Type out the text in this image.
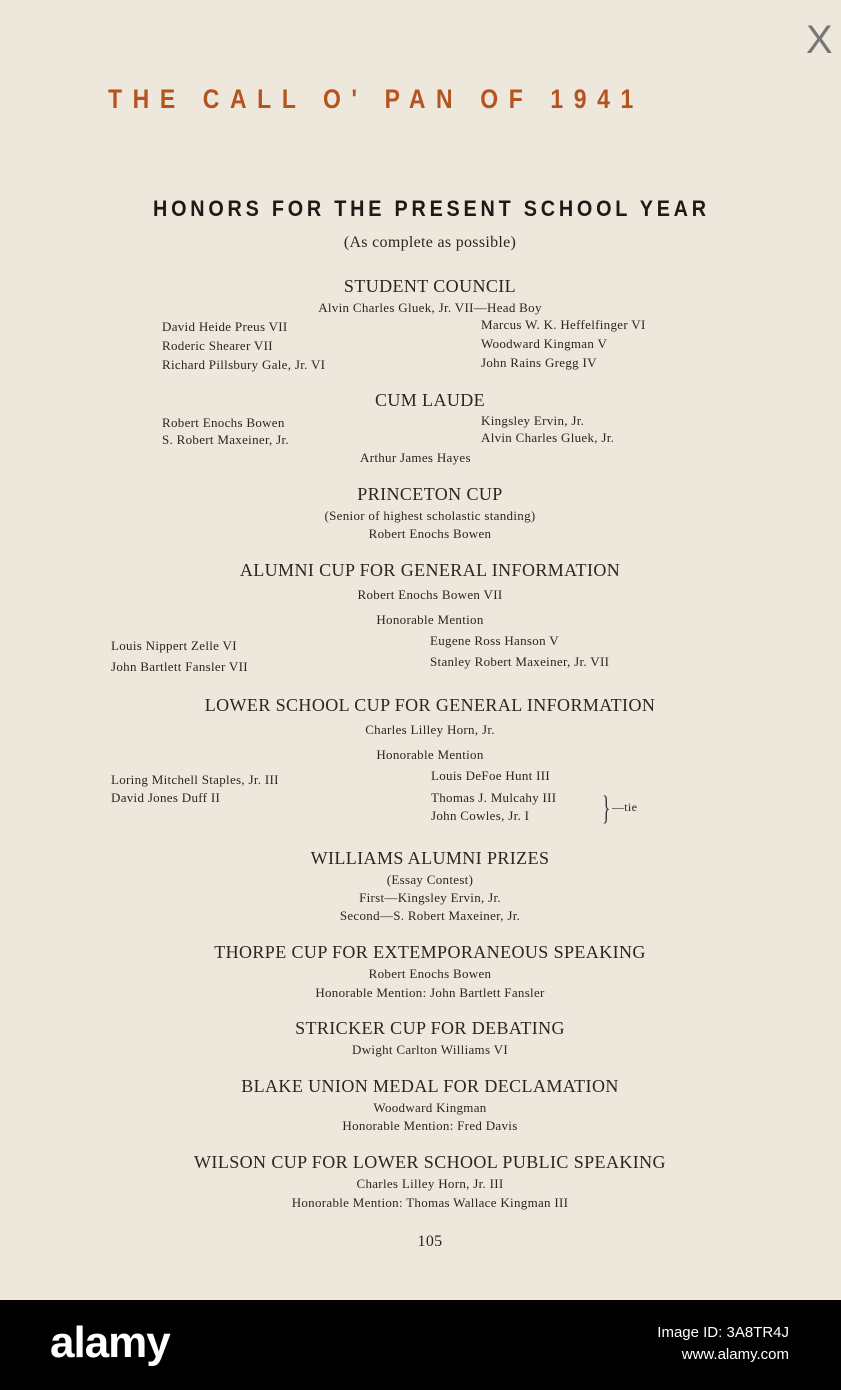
X
THE CALL O' PAN OF 1941
HONORS FOR THE PRESENT SCHOOL YEAR
(As complete as possible)
STUDENT COUNCIL
Alvin Charles Gluek, Jr. VII—Head Boy
David Heide Preus VII
Roderic Shearer VII
Richard Pillsbury Gale, Jr. VI
Marcus W. K. Heffelfinger VI
Woodward Kingman V
John Rains Gregg IV
CUM LAUDE
Robert Enochs Bowen
S. Robert Maxeiner, Jr.
Kingsley Ervin, Jr.
Alvin Charles Gluek, Jr.
Arthur James Hayes
PRINCETON CUP
(Senior of highest scholastic standing)
Robert Enochs Bowen
ALUMNI CUP FOR GENERAL INFORMATION
Robert Enochs Bowen VII
Honorable Mention
Louis Nippert Zelle VI
John Bartlett Fansler VII
Eugene Ross Hanson V
Stanley Robert Maxeiner, Jr. VII
LOWER SCHOOL CUP FOR GENERAL INFORMATION
Charles Lilley Horn, Jr.
Honorable Mention
Loring Mitchell Staples, Jr. III
David Jones Duff II
Louis DeFoe Hunt III
Thomas J. Mulcahy III
John Cowles, Jr. I } —tie
WILLIAMS ALUMNI PRIZES
(Essay Contest)
First—Kingsley Ervin, Jr.
Second—S. Robert Maxeiner, Jr.
THORPE CUP FOR EXTEMPORANEOUS SPEAKING
Robert Enochs Bowen
Honorable Mention: John Bartlett Fansler
STRICKER CUP FOR DEBATING
Dwight Carlton Williams VI
BLAKE UNION MEDAL FOR DECLAMATION
Woodward Kingman
Honorable Mention: Fred Davis
WILSON CUP FOR LOWER SCHOOL PUBLIC SPEAKING
Charles Lilley Horn, Jr. III
Honorable Mention: Thomas Wallace Kingman III
105
alamy	Image ID: 3A8TR4J
www.alamy.com
